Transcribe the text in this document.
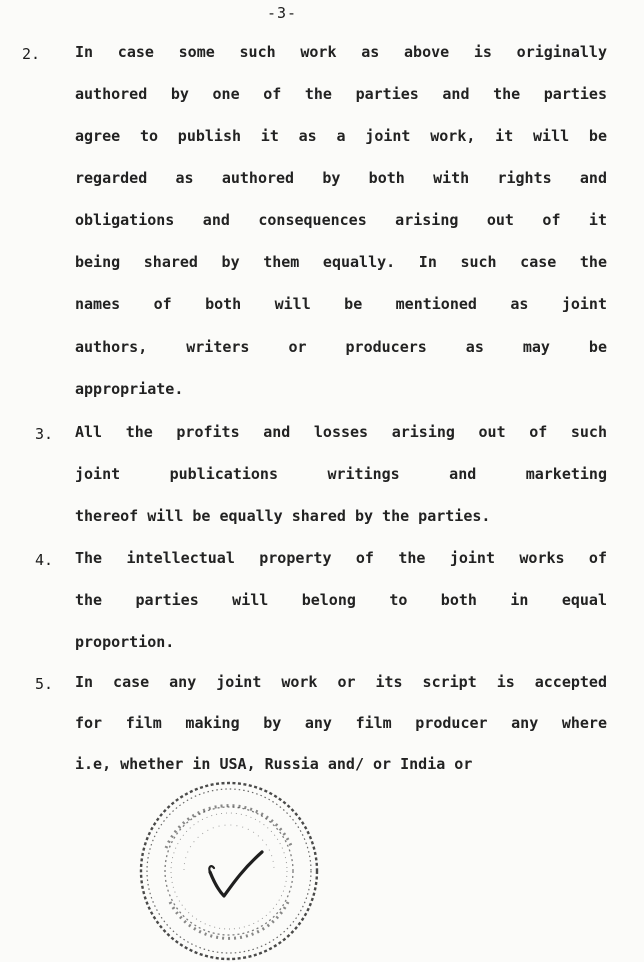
-3-
2. In case some such work as above is originally
authored by one of the parties and the parties
agree to publish it as a joint work, it will be
regarded as authored by both with rights and
obligations and consequences arising out of it
being shared by them equally. In such case the
names of both will be mentioned as joint
authors, writers or producers as may be
appropriate.
3. All the profits and losses arising out of such
joint publications writings and marketing
thereof will be equally shared by the parties.
4. The intellectual property of the joint works of
the parties will belong to both in equal
proportion.
5. In case any joint work or its script is accepted
for film making by any film producer any where
i.e, whether in USA, Russia and/ or India or
